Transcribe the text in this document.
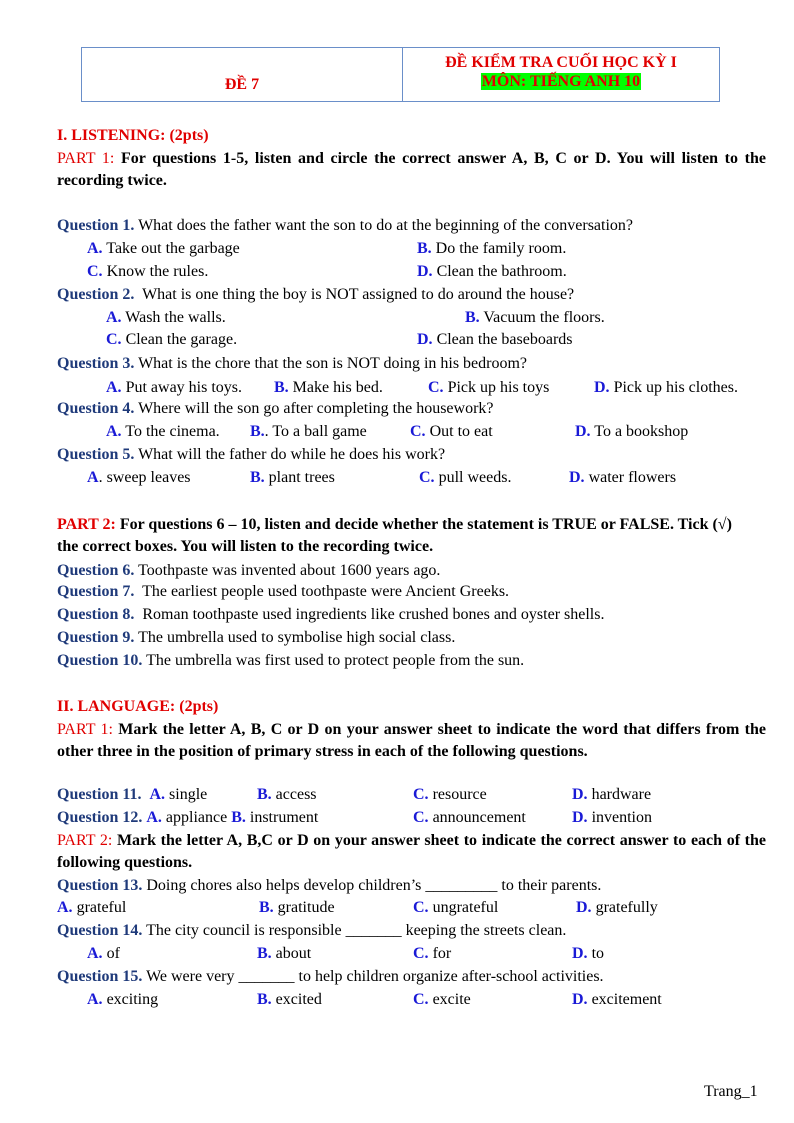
ĐỀ 7
ĐỀ KIỂM TRA CUỐI HỌC KỲ I
MÔN: TIẾNG ANH 10
I. LISTENING: (2pts)
PART 1: For questions 1-5, listen and circle the correct answer A, B, C or D. You will listen to the recording twice.
Question 1. What does the father want the son to do at the beginning of the conversation?
A. Take out the garbage	B. Do the family room.
C. Know the rules.	D. Clean the bathroom.
Question 2. What is one thing the boy is NOT assigned to do around the house?
A. Wash the walls.	B. Vacuum the floors.
C. Clean the garage.	D. Clean the baseboards
Question 3. What is the chore that the son is NOT doing in his bedroom?
A. Put away his toys. B. Make his bed.	C. Pick up his toys	D. Pick up his clothes.
Question 4. Where will the son go after completing the housework?
A. To the cinema. B.. To a ball game	C. Out to eat	D. To a bookshop
Question 5. What will the father do while he does his work?
A. sweep leaves	B. plant trees	C. pull weeds.	D. water flowers
PART 2: For questions 6 – 10, listen and decide whether the statement is TRUE or FALSE. Tick (√) the correct boxes. You will listen to the recording twice.
Question 6. Toothpaste was invented about 1600 years ago.
Question 7. The earliest people used toothpaste were Ancient Greeks.
Question 8. Roman toothpaste used ingredients like crushed bones and oyster shells.
Question 9. The umbrella used to symbolise high social class.
Question 10. The umbrella was first used to protect people from the sun.
II. LANGUAGE: (2pts)
PART 1: Mark the letter A, B, C or D on your answer sheet to indicate the word that differs from the other three in the position of primary stress in each of the following questions.
Question 11. A. single	B. access	C. resource	D. hardware
Question 12. A. appliance B. instrument	C. announcement	D. invention
PART 2: Mark the letter A, B,C or D on your answer sheet to indicate the correct answer to each of the following questions.
Question 13. Doing chores also helps develop children’s _________ to their parents.
A. grateful	B. gratitude	C. ungrateful	D. gratefully
Question 14. The city council is responsible _______ keeping the streets clean.
A. of	B. about	C. for	D. to
Question 15. We were very _______ to help children organize after-school activities.
A. exciting	B. excited	C. excite	D. excitement
Trang_1
